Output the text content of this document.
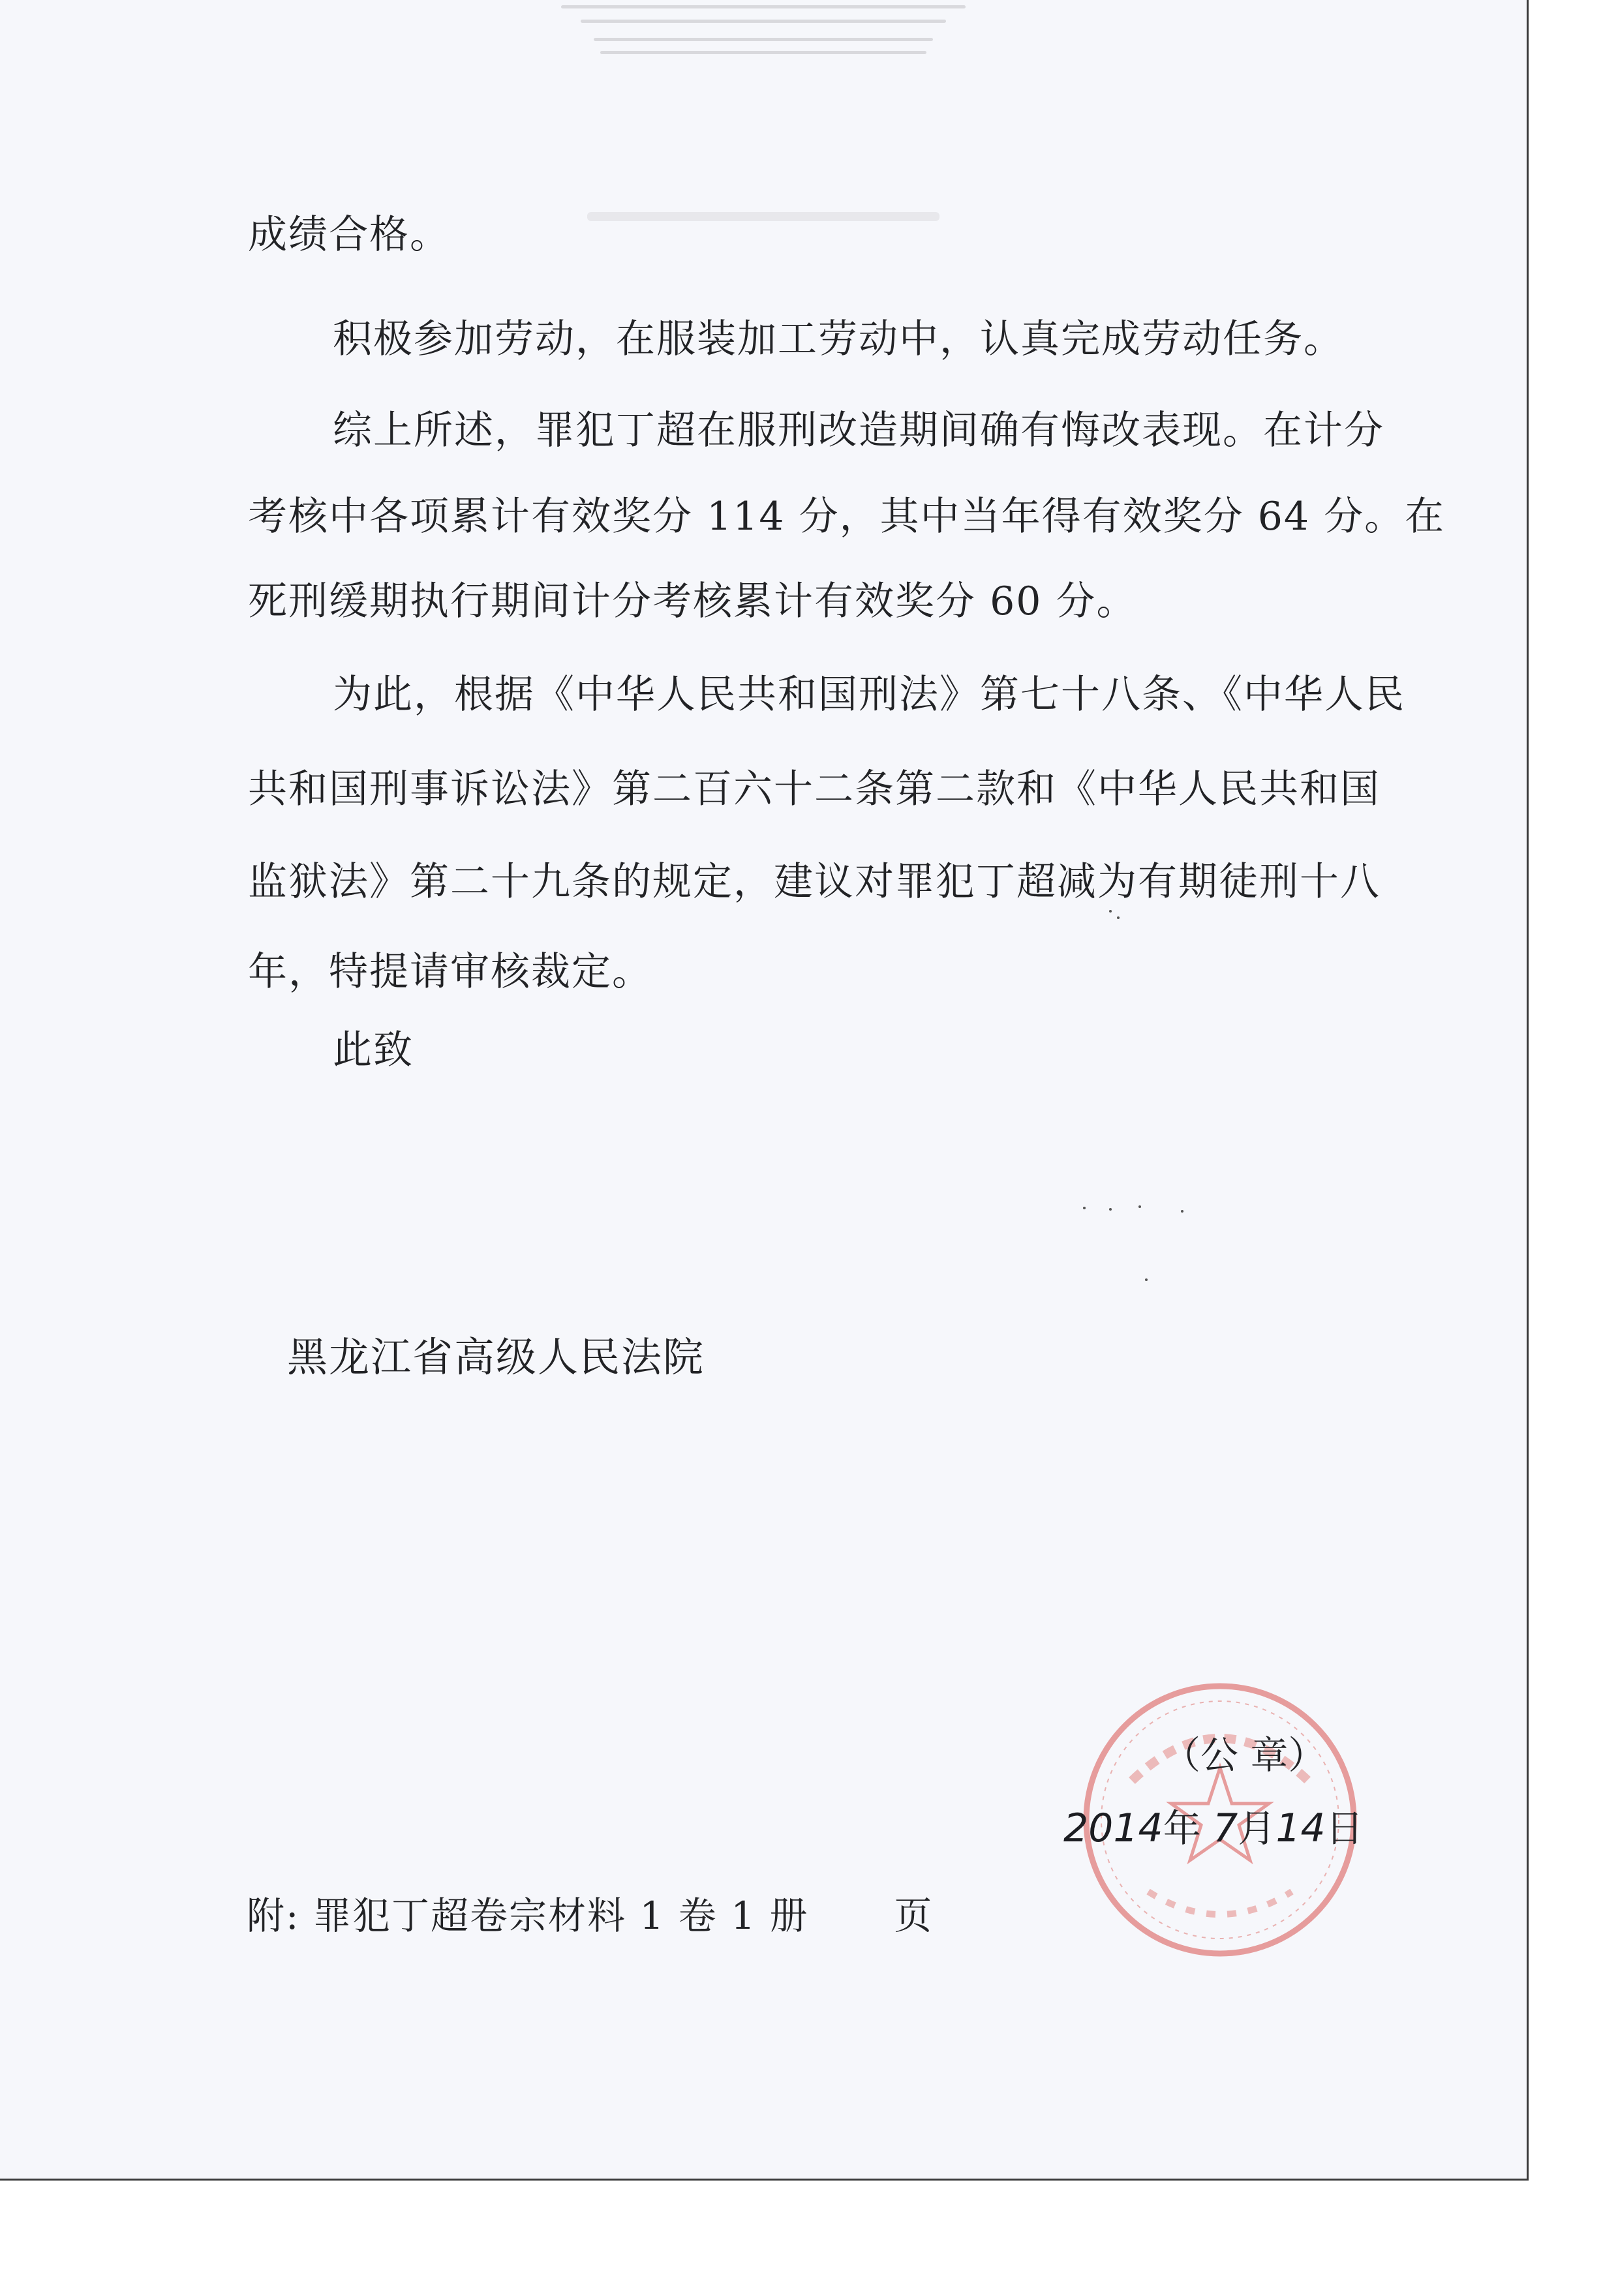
成绩合格。

积极参加劳动，在服装加工劳动中，认真完成劳动任务。

综上所述，罪犯丁超在服刑改造期间确有悔改表现。在计分

考核中各项累计有效奖分 114 分，其中当年得有效奖分 64 分。在

死刑缓期执行期间计分考核累计有效奖分 60 分。

为此，根据《中华人民共和国刑法》第七十八条、《中华人民

共和国刑事诉讼法》第二百六十二条第二款和《中华人民共和国

监狱法》第二十九条的规定，建议对罪犯丁超减为有期徒刑十八

年，特提请审核裁定。

此致

黑龙江省高级人民法院

（公 章）

2014年 7月14日

附: 罪犯丁超卷宗材料 1 卷 1 册 页
